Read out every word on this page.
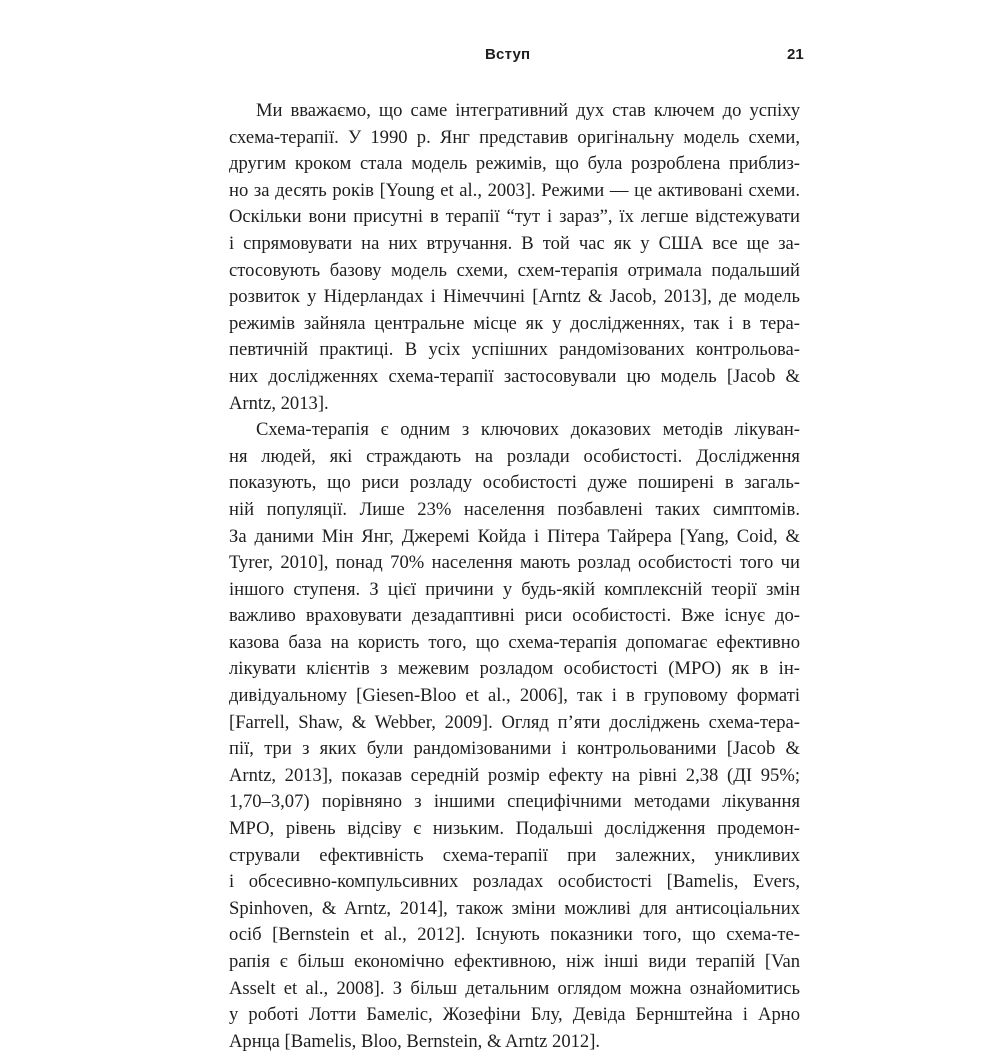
Вступ	21
Ми вважаємо, що саме інтегративний дух став ключем до успіху
схема-терапії. У 1990 р. Янг представив оригінальну модель схеми,
другим кроком стала модель режимів, що була розроблена приблиз-
но за десять років [Young et al., 2003]. Режими — це активовані схеми.
Оскільки вони присутні в терапії “тут і зараз”, їх легше відстежувати
і спрямовувати на них втручання. В той час як у США все ще за-
стосовують базову модель схеми, схем-терапія отримала подальший
розвиток у Нідерландах і Німеччині [Arntz & Jacob, 2013], де модель
режимів зайняла центральне місце як у дослідженнях, так і в тера-
певтичній практиці. В усіх успішних рандомізованих контрольова-
них дослідженнях схема-терапії застосовували цю модель [Jacob &
Arntz, 2013].
Схема-терапія є одним з ключових доказових методів лікуван-
ня людей, які страждають на розлади особистості. Дослідження
показують, що риси розладу особистості дуже поширені в загаль-
ній популяції. Лише 23% населення позбавлені таких симптомів.
За даними Мін Янг, Джеремі Койда і Пітера Тайрера [Yang, Coid, &
Tyrer, 2010], понад 70% населення мають розлад особистості того чи
іншого ступеня. З цієї причини у будь-якій комплексній теорії змін
важливо враховувати дезадаптивні риси особистості. Вже існує до-
казова база на користь того, що схема-терапія допомагає ефективно
лікувати клієнтів з межевим розладом особистості (МРО) як в ін-
дивідуальному [Giesen-Bloo et al., 2006], так і в груповому форматі
[Farrell, Shaw, & Webber, 2009]. Огляд п’яти досліджень схема-тера-
пії, три з яких були рандомізованими і контрольованими [Jacob &
Arntz, 2013], показав середній розмір ефекту на рівні 2,38 (ДІ 95%;
1,70–3,07) порівняно з іншими специфічними методами лікування
МРО, рівень відсіву є низьким. Подальші дослідження продемон-
стрували ефективність схема-терапії при залежних, уникливих
і обсесивно-компульсивних розладах особистості [Bamelis, Evers,
Spinhoven, & Arntz, 2014], також зміни можливі для антисоціальних
осіб [Bernstein et al., 2012]. Існують показники того, що схема-те-
рапія є більш економічно ефективною, ніж інші види терапій [Van
Asselt et al., 2008]. З більш детальним оглядом можна ознайомитись
у роботі Лотти Бамеліс, Жозефіни Блу, Девіда Бернштейна і Арно
Арнца [Bamelis, Bloo, Bernstein, & Arntz 2012].
